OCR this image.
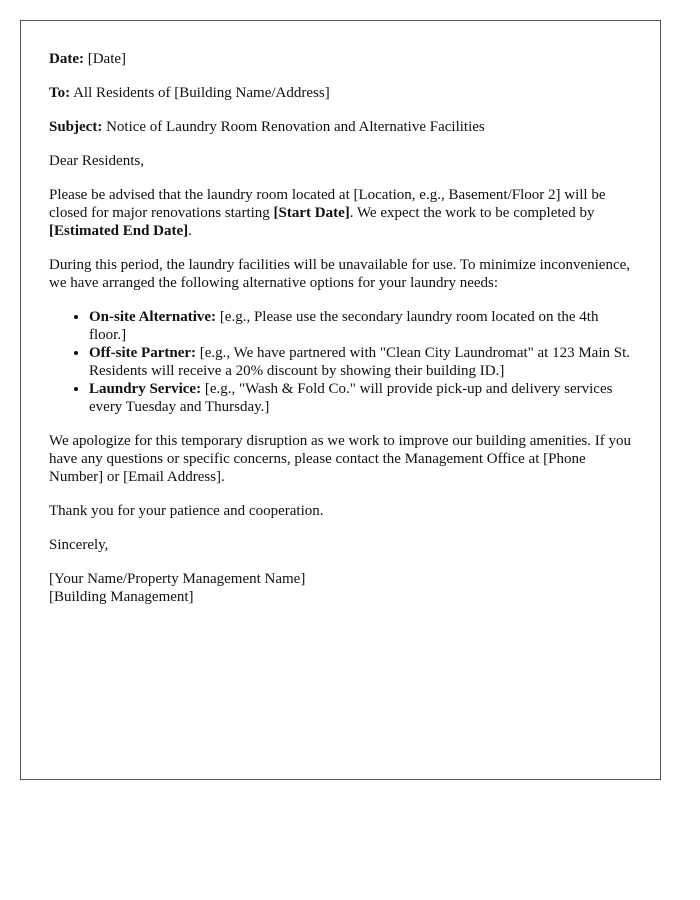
Date: [Date]

To: All Residents of [Building Name/Address]

Subject: Notice of Laundry Room Renovation and Alternative Facilities

Dear Residents,

Please be advised that the laundry room located at [Location, e.g., Basement/Floor 2] will be closed for major renovations starting [Start Date]. We expect the work to be completed by [Estimated End Date].

During this period, the laundry facilities will be unavailable for use. To minimize inconvenience, we have arranged the following alternative options for your laundry needs:

• On-site Alternative: [e.g., Please use the secondary laundry room located on the 4th floor.]
• Off-site Partner: [e.g., We have partnered with "Clean City Laundromat" at 123 Main St. Residents will receive a 20% discount by showing their building ID.]
• Laundry Service: [e.g., "Wash & Fold Co." will provide pick-up and delivery services every Tuesday and Thursday.]

We apologize for this temporary disruption as we work to improve our building amenities. If you have any questions or specific concerns, please contact the Management Office at [Phone Number] or [Email Address].

Thank you for your patience and cooperation.

Sincerely,

[Your Name/Property Management Name]
[Building Management]
